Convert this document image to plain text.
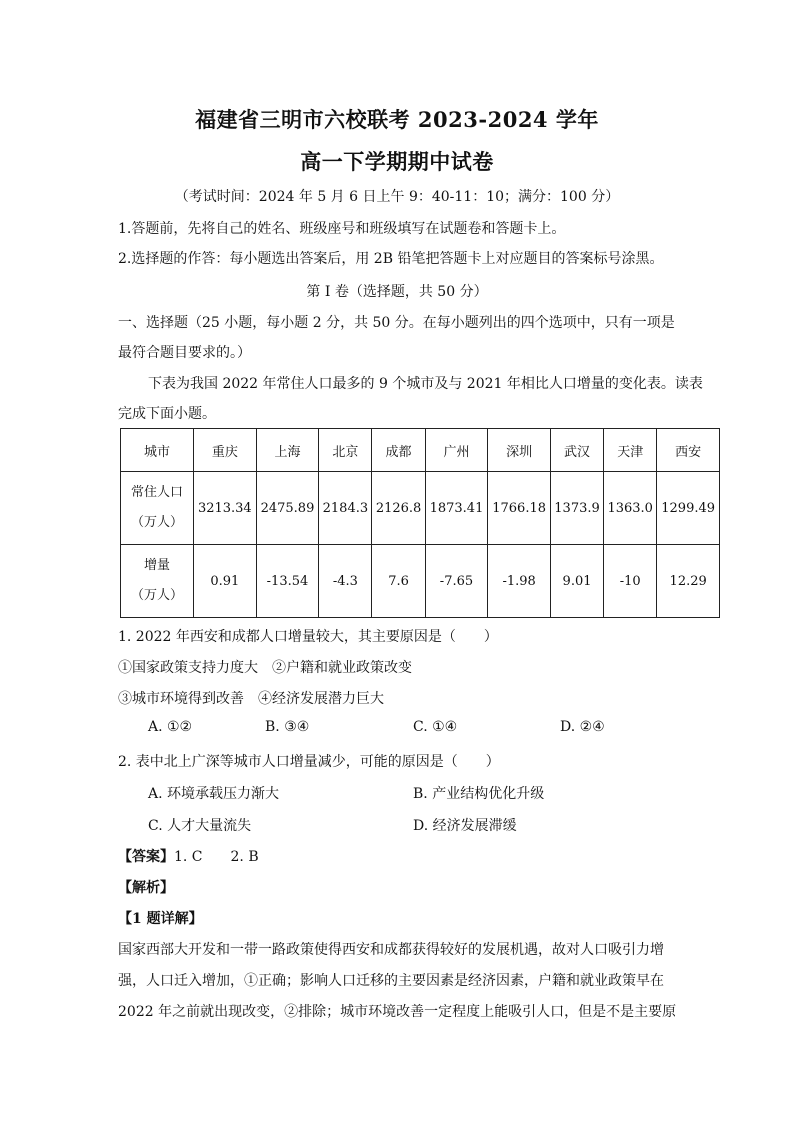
福建省三明市六校联考 2023-2024 学年
高一下学期期中试卷
（考试时间：2024 年 5 月 6 日上午 9：40-11：10；满分：100 分）
1.答题前，先将自己的姓名、班级座号和班级填写在试题卷和答题卡上。
2.选择题的作答：每小题选出答案后，用 2B 铅笔把答题卡上对应题目的答案标号涂黑。
第 I 卷（选择题，共 50 分）
一、选择题（25 小题，每小题 2 分，共 50 分。在每小题列出的四个选项中，只有一项是
最符合题目要求的。）
下表为我国 2022 年常住人口最多的 9 个城市及与 2021 年相比人口增量的变化表。读表
完成下面小题。
城市	重庆	上海	北京	成都	广州	深圳	武汉	天津	西安

常住人口
（万人）	3213.34	2475.89	2184.3	2126.8	1873.41	1766.18	1373.9	1363.0	1299.49

增量
（万人）	0.91	-13.54	-4.3	7.6	-7.65	-1.98	9.01	-10	12.29
1. 2022 年西安和成都人口增量较大，其主要原因是（　　）
①国家政策支持力度大　②户籍和就业政策改变
③城市环境得到改善　④经济发展潜力巨大
A. ①②	B. ③④	C. ①④	D. ②④
2. 表中北上广深等城市人口增量减少，可能的原因是（　　）
A. 环境承载压力渐大	B. 产业结构优化升级
C. 人才大量流失	D. 经济发展滞缓
【答案】1. C　　2. B
【解析】
【1 题详解】
国家西部大开发和一带一路政策使得西安和成都获得较好的发展机遇，故对人口吸引力增
强，人口迁入增加，①正确；影响人口迁移的主要因素是经济因素，户籍和就业政策早在
2022 年之前就出现改变，②排除；城市环境改善一定程度上能吸引人口，但是不是主要原
